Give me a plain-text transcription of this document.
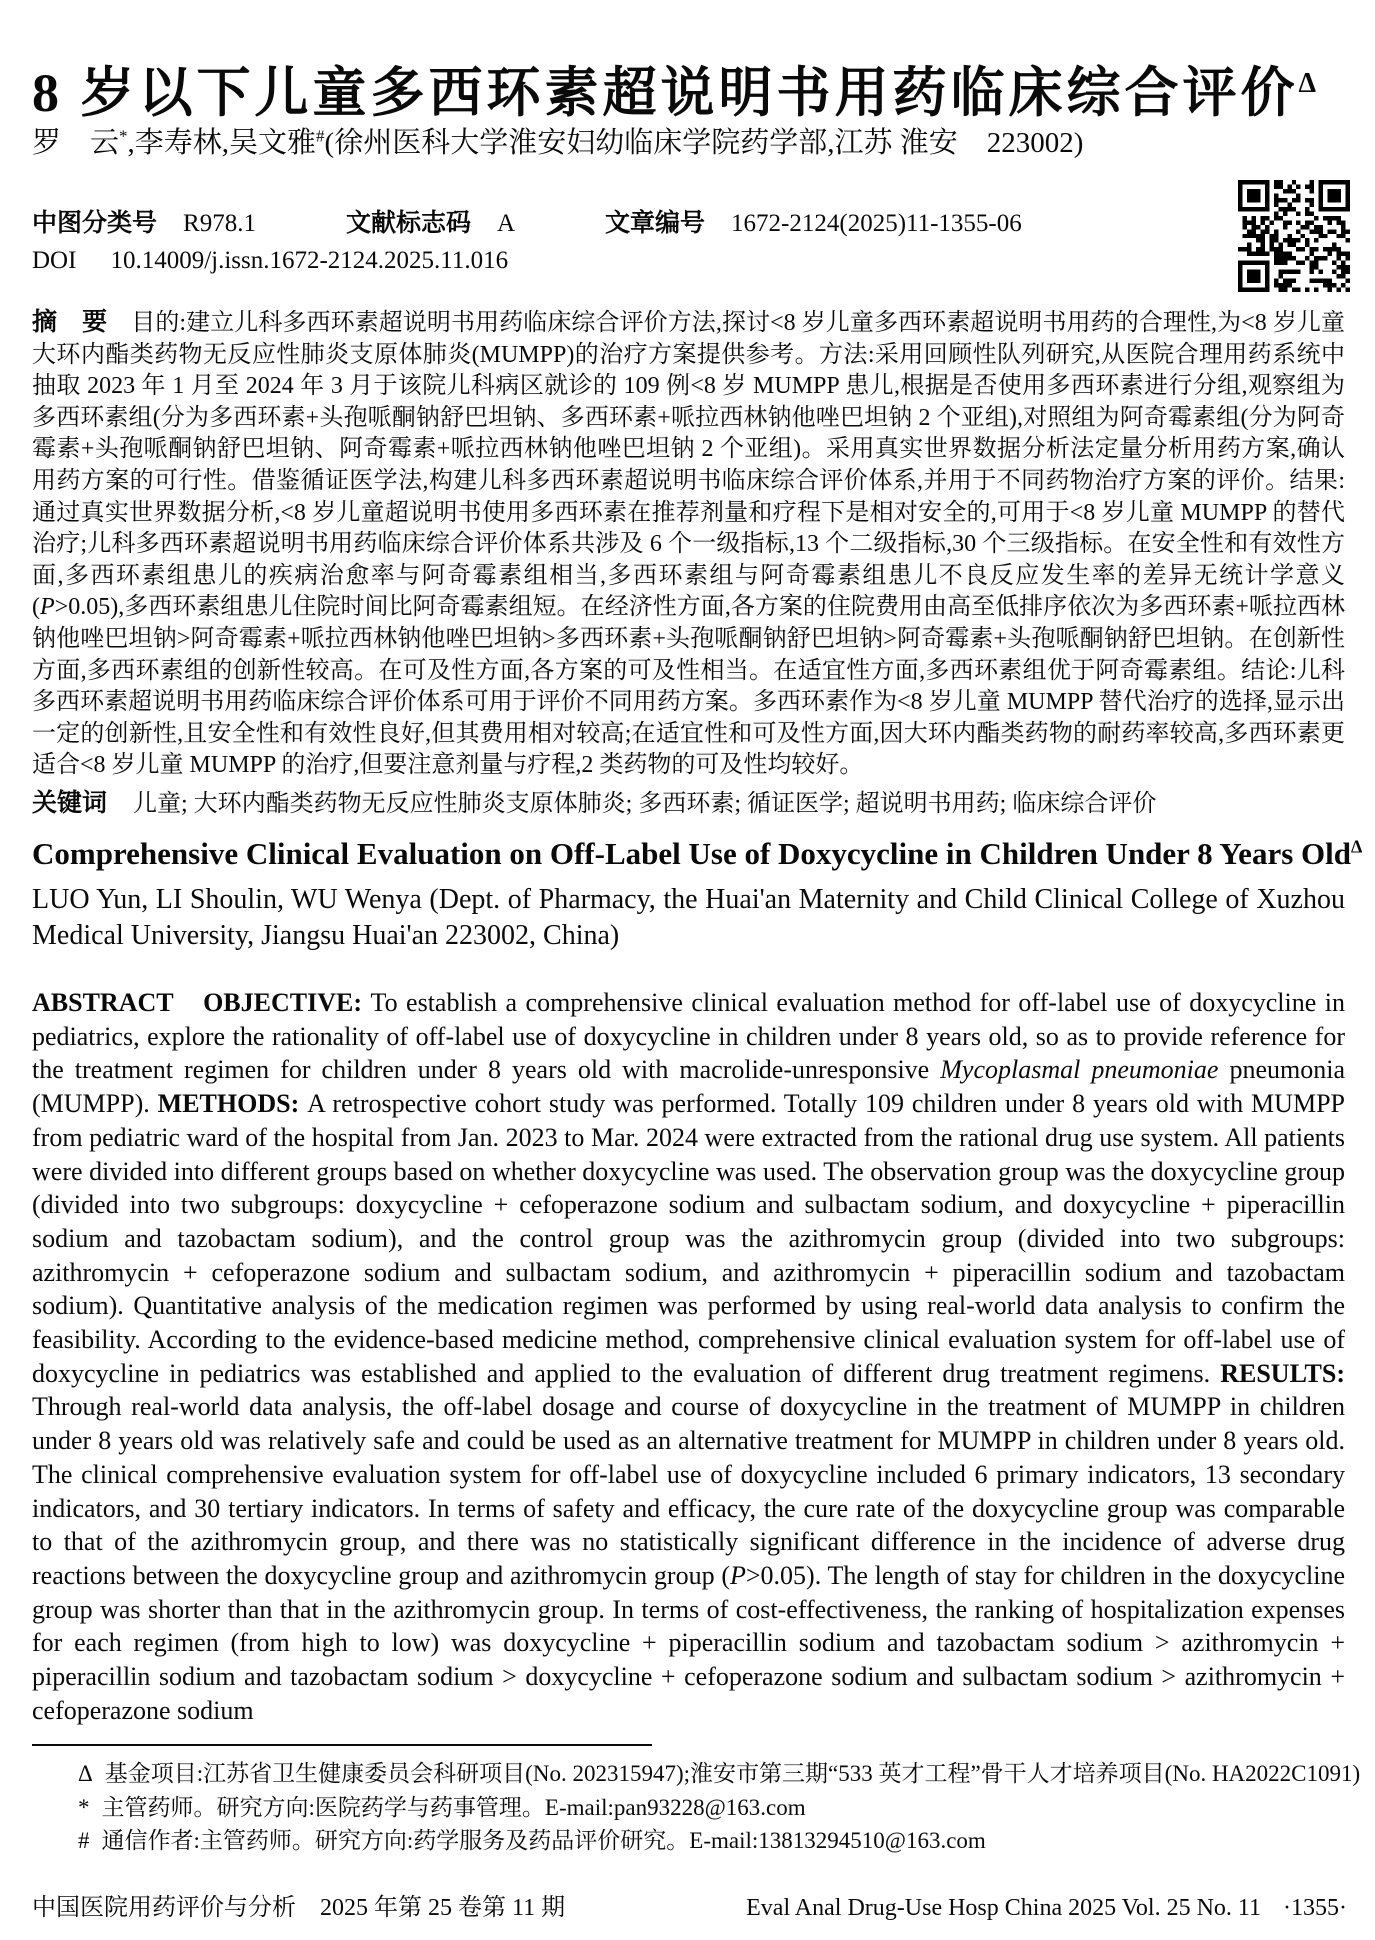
8 岁以下儿童多西环素超说明书用药临床综合评价$^\Delta$
罗　云*,李寿林,吴文雅#(徐州医科大学淮安妇幼临床学院药学部,江苏 淮安　223002)
中图分类号 R978.1	文献标志码 A	文章编号 1672-2124(2025)11-1355-06
DOI 10.14009/j.issn.1672-2124.2025.11.016

摘　要 目的:建立儿科多西环素超说明书用药临床综合评价方法,探讨<8 岁儿童多西环素超说明书用药的合理性,为<8 岁儿童大环内酯类药物无反应性肺炎支原体肺炎(MUMPP)的治疗方案提供参考。方法:采用回顾性队列研究,从医院合理用药系统中抽取 2023 年 1 月至 2024 年 3 月于该院儿科病区就诊的 109 例<8 岁 MUMPP 患儿,根据是否使用多西环素进行分组,观察组为多西环素组(分为多西环素+头孢哌酮钠舒巴坦钠、多西环素+哌拉西林钠他唑巴坦钠 2 个亚组),对照组为阿奇霉素组(分为阿奇霉素+头孢哌酮钠舒巴坦钠、阿奇霉素+哌拉西林钠他唑巴坦钠 2 个亚组)。采用真实世界数据分析法定量分析用药方案,确认用药方案的可行性。借鉴循证医学法,构建儿科多西环素超说明书临床综合评价体系,并用于不同药物治疗方案的评价。结果:通过真实世界数据分析,<8 岁儿童超说明书使用多西环素在推荐剂量和疗程下是相对安全的,可用于<8 岁儿童 MUMPP 的替代治疗;儿科多西环素超说明书用药临床综合评价体系共涉及 6 个一级指标,13 个二级指标,30 个三级指标。在安全性和有效性方面,多西环素组患儿的疾病治愈率与阿奇霉素组相当,多西环素组与阿奇霉素组患儿不良反应发生率的差异无统计学意义(P>0.05),多西环素组患儿住院时间比阿奇霉素组短。在经济性方面,各方案的住院费用由高至低排序依次为多西环素+哌拉西林钠他唑巴坦钠>阿奇霉素+哌拉西林钠他唑巴坦钠>多西环素+头孢哌酮钠舒巴坦钠>阿奇霉素+头孢哌酮钠舒巴坦钠。在创新性方面,多西环素组的创新性较高。在可及性方面,各方案的可及性相当。在适宜性方面,多西环素组优于阿奇霉素组。结论:儿科多西环素超说明书用药临床综合评价体系可用于评价不同用药方案。多西环素作为<8 岁儿童 MUMPP 替代治疗的选择,显示出一定的创新性,且安全性和有效性良好,但其费用相对较高;在适宜性和可及性方面,因大环内酯类药物的耐药率较高,多西环素更适合<8 岁儿童 MUMPP 的治疗,但要注意剂量与疗程,2 类药物的可及性均较好。

关键词 儿童; 大环内酯类药物无反应性肺炎支原体肺炎; 多西环素; 循证医学; 超说明书用药; 临床综合评价

Comprehensive Clinical Evaluation on Off-Label Use of Doxycycline in Children Under 8 Years Old$^\Delta$

LUO Yun, LI Shoulin, WU Wenya (Dept. of Pharmacy, the Huai'an Maternity and Child Clinical College of Xuzhou Medical University, Jiangsu Huai'an 223002, China)

ABSTRACT　OBJECTIVE: To establish a comprehensive clinical evaluation method for off-label use of doxycycline in pediatrics, explore the rationality of off-label use of doxycycline in children under 8 years old, so as to provide reference for the treatment regimen for children under 8 years old with macrolide-unresponsive Mycoplasmal pneumoniae pneumonia (MUMPP). METHODS: A retrospective cohort study was performed. Totally 109 children under 8 years old with MUMPP from pediatric ward of the hospital from Jan. 2023 to Mar. 2024 were extracted from the rational drug use system. All patients were divided into different groups based on whether doxycycline was used. The observation group was the doxycycline group (divided into two subgroups: doxycycline + cefoperazone sodium and sulbactam sodium, and doxycycline + piperacillin sodium and tazobactam sodium), and the control group was the azithromycin group (divided into two subgroups: azithromycin + cefoperazone sodium and sulbactam sodium, and azithromycin + piperacillin sodium and tazobactam sodium). Quantitative analysis of the medication regimen was performed by using real-world data analysis to confirm the feasibility. According to the evidence-based medicine method, comprehensive clinical evaluation system for off-label use of doxycycline in pediatrics was established and applied to the evaluation of different drug treatment regimens. RESULTS: Through real-world data analysis, the off-label dosage and course of doxycycline in the treatment of MUMPP in children under 8 years old was relatively safe and could be used as an alternative treatment for MUMPP in children under 8 years old. The clinical comprehensive evaluation system for off-label use of doxycycline included 6 primary indicators, 13 secondary indicators, and 30 tertiary indicators. In terms of safety and efficacy, the cure rate of the doxycycline group was comparable to that of the azithromycin group, and there was no statistically significant difference in the incidence of adverse drug reactions between the doxycycline group and azithromycin group (P>0.05). The length of stay for children in the doxycycline group was shorter than that in the azithromycin group. In terms of cost-effectiveness, the ranking of hospitalization expenses for each regimen (from high to low) was doxycycline + piperacillin sodium and tazobactam sodium > azithromycin + piperacillin sodium and tazobactam sodium > doxycycline + cefoperazone sodium and sulbactam sodium > azithromycin + cefoperazone sodium

Δ 基金项目:江苏省卫生健康委员会科研项目(No. 202315947);淮安市第三期“533 英才工程”骨干人才培养项目(No. HA2022C1091)
* 主管药师。研究方向:医院药学与药事管理。E-mail:pan93228@163.com
# 通信作者:主管药师。研究方向:药学服务及药品评价研究。E-mail:13813294510@163.com
中国医院用药评价与分析　2025 年第 25 卷第 11 期	Eval Anal Drug-Use Hosp China 2025 Vol. 25 No. 11 ·1355·
